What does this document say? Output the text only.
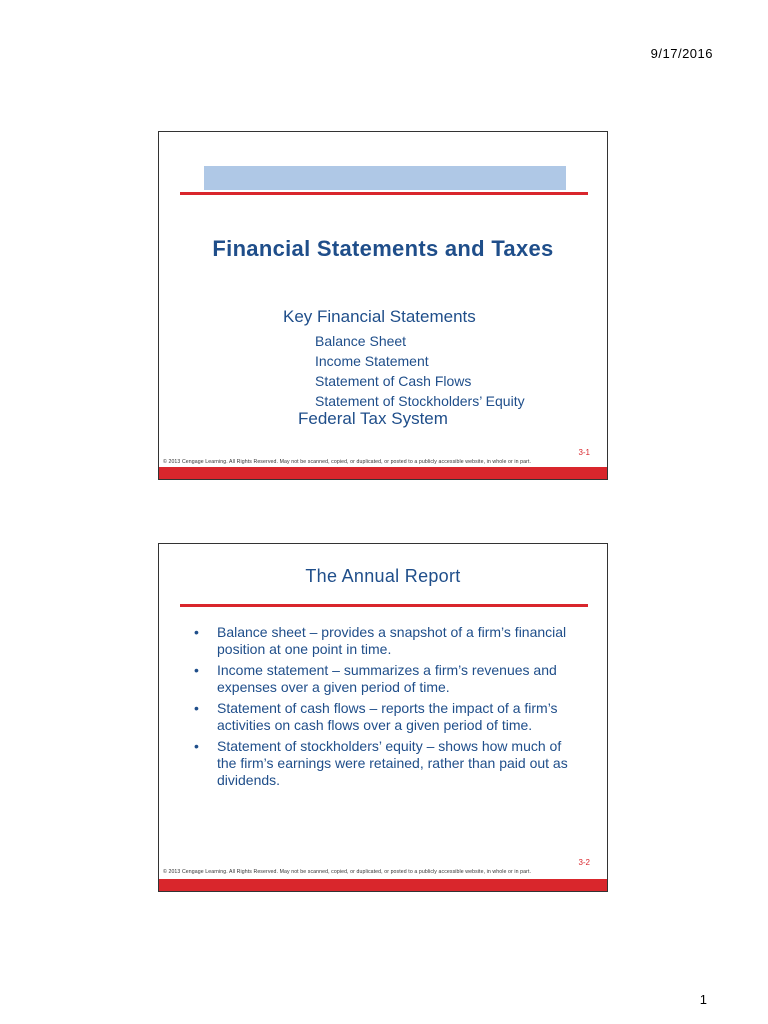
9/17/2016
Financial Statements and Taxes
Key Financial Statements
Balance Sheet
Income Statement
Statement of Cash Flows
Statement of Stockholders’ Equity
Federal Tax System
3-1
© 2013 Cengage Learning. All Rights Reserved. May not be scanned, copied, or duplicated, or posted to a publicly accessible website, in whole or in part.
The Annual Report
• Balance sheet – provides a snapshot of a firm’s financial position at one point in time.
• Income statement – summarizes a firm’s revenues and expenses over a given period of time.
• Statement of cash flows – reports the impact of a firm’s activities on cash flows over a given period of time.
• Statement of stockholders’ equity – shows how much of the firm’s earnings were retained, rather than paid out as dividends.
3-2
© 2013 Cengage Learning. All Rights Reserved. May not be scanned, copied, or duplicated, or posted to a publicly accessible website, in whole or in part.
1
